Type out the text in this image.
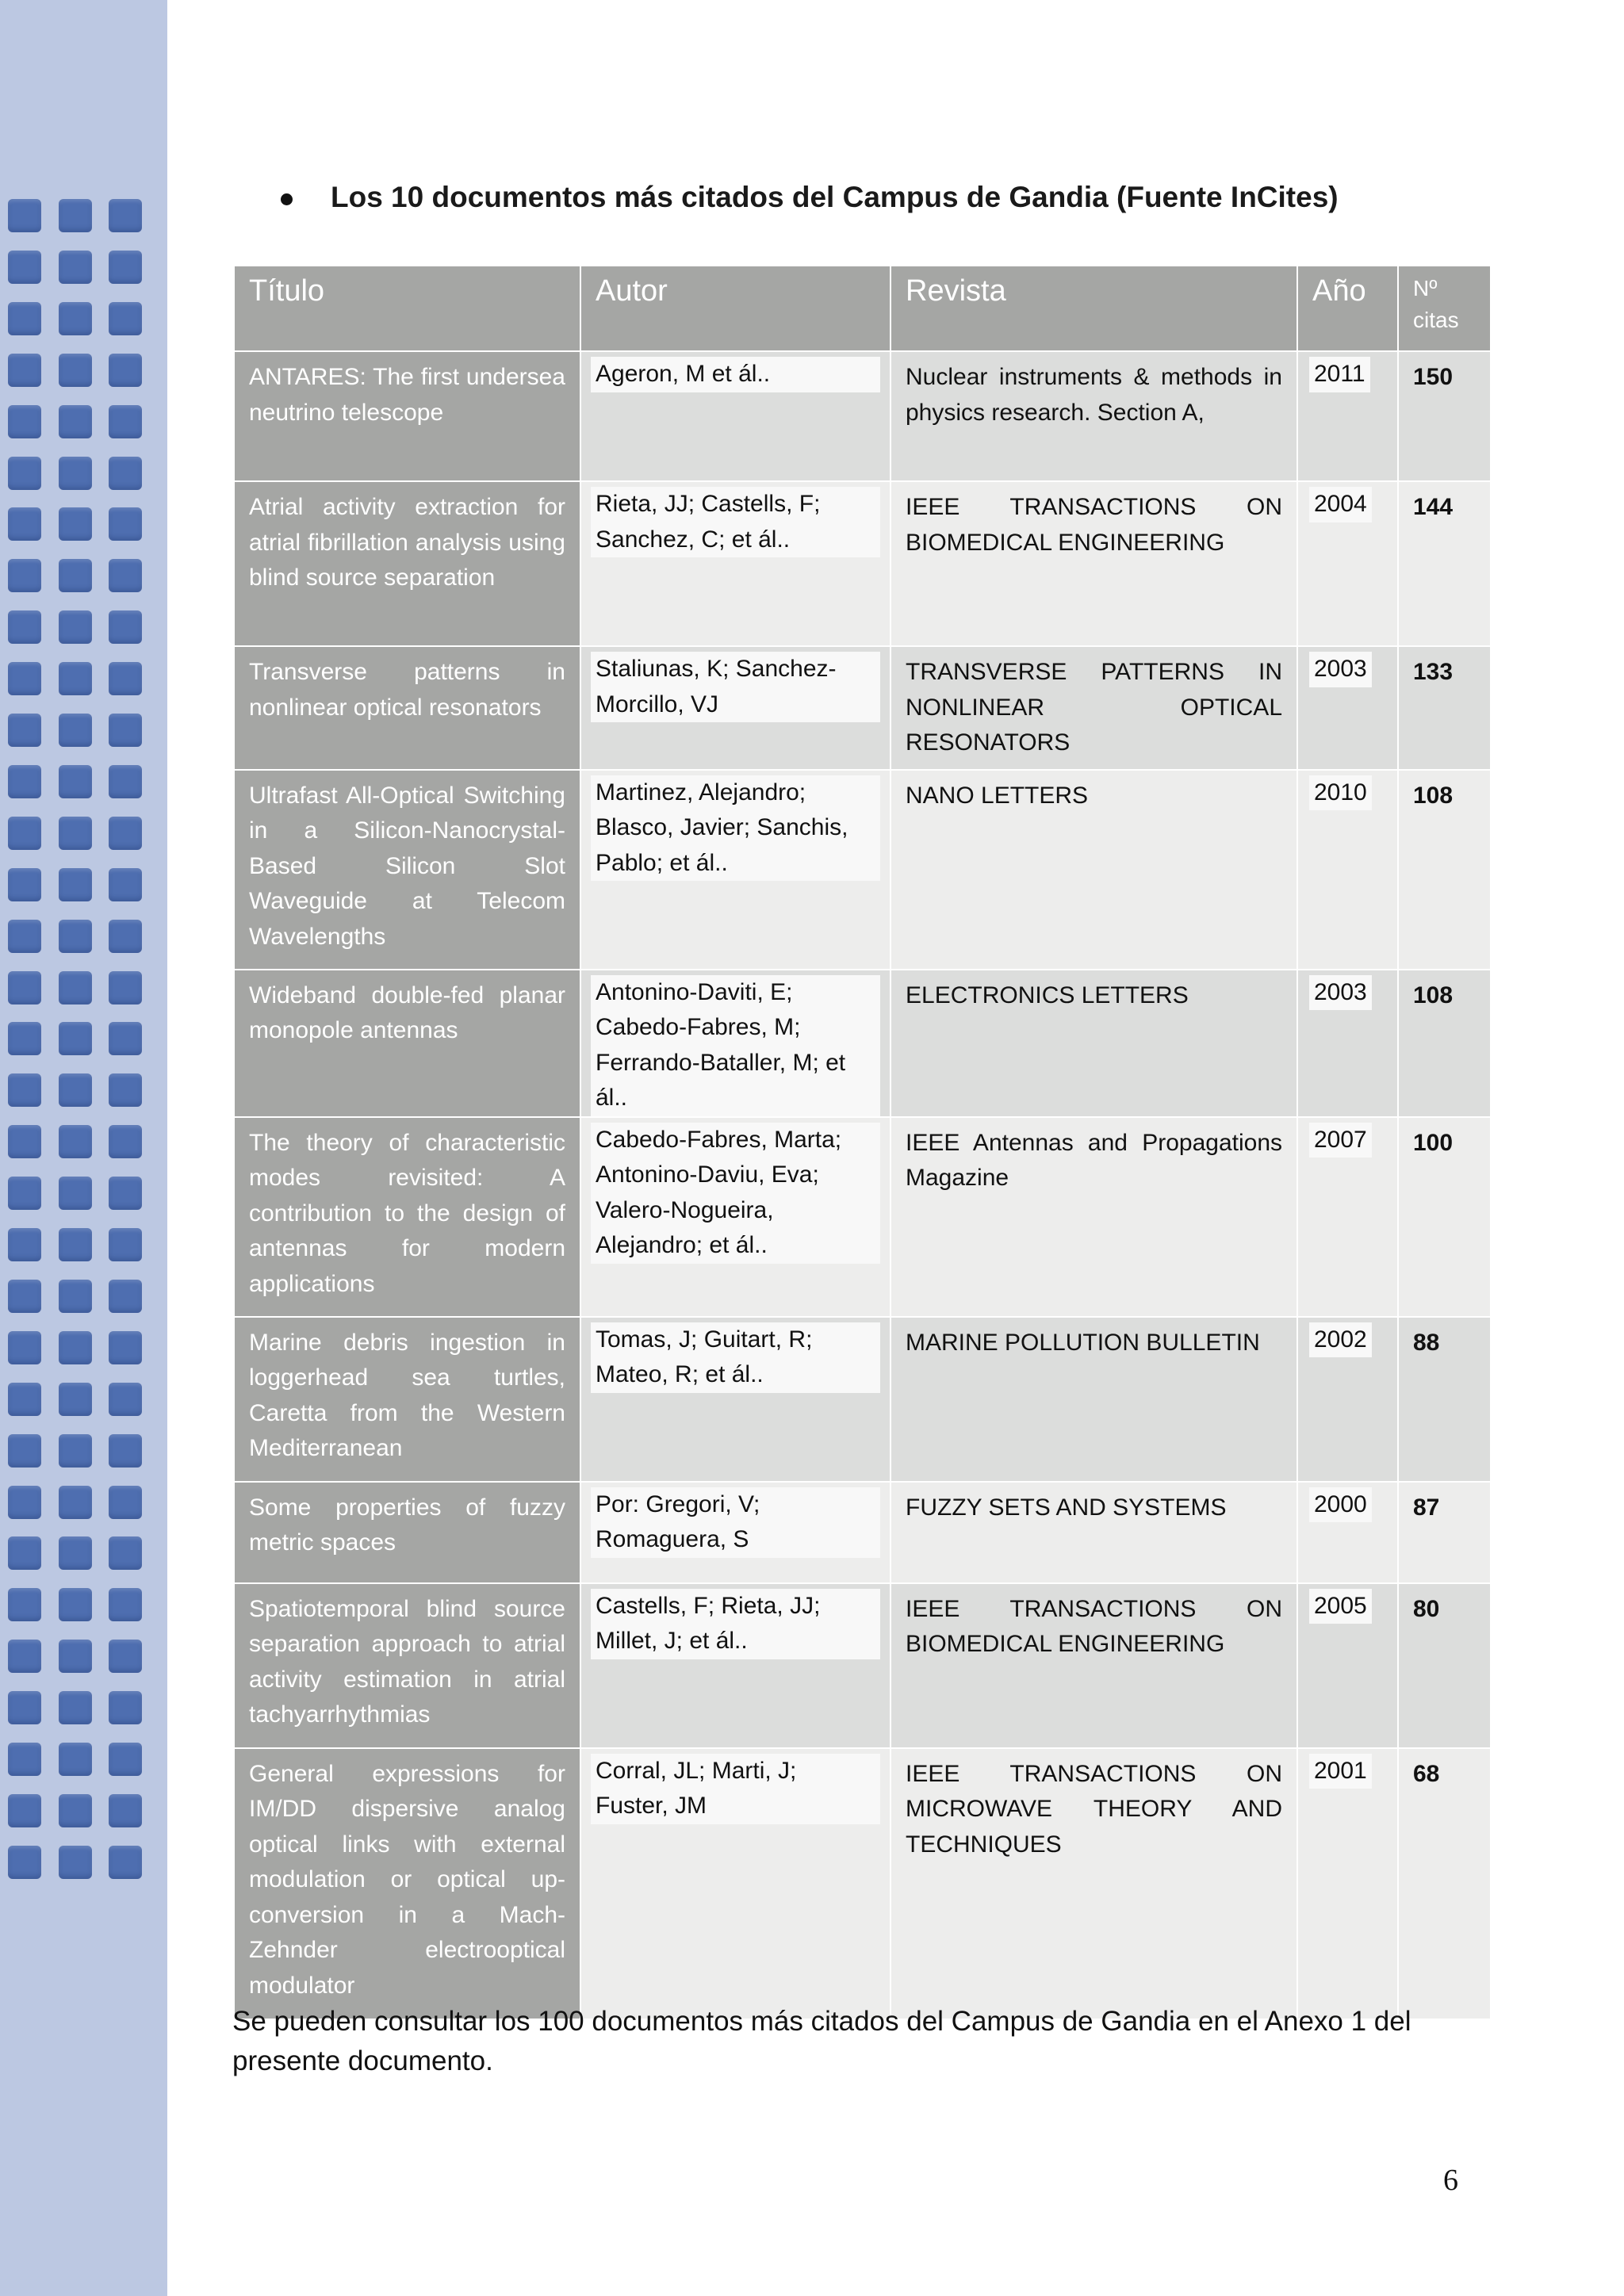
Los 10 documentos más citados del Campus de Gandia (Fuente InCites)
Título	Autor	Revista	Año	Nº citas
ANTARES: The first undersea neutrino telescope	Ageron, M et ál..	Nuclear instruments & methods in physics research. Section A,	2011	150
Atrial activity extraction for atrial fibrillation analysis using blind source separation	Rieta, JJ; Castells, F; Sanchez, C; et ál..	IEEE TRANSACTIONS ON BIOMEDICAL ENGINEERING	2004	144
Transverse patterns in nonlinear optical resonators	Staliunas, K; Sanchez-Morcillo, VJ	TRANSVERSE PATTERNS IN NONLINEAR OPTICAL RESONATORS	2003	133
Ultrafast All-Optical Switching in a Silicon-Nanocrystal-Based Silicon Slot Waveguide at Telecom Wavelengths	Martinez, Alejandro; Blasco, Javier; Sanchis, Pablo; et ál..	NANO LETTERS	2010	108
Wideband double-fed planar monopole antennas	Antonino-Daviti, E; Cabedo-Fabres, M; Ferrando-Bataller, M; et ál..	ELECTRONICS LETTERS	2003	108
The theory of characteristic modes revisited: A contribution to the design of antennas for modern applications	Cabedo-Fabres, Marta; Antonino-Daviu, Eva; Valero-Nogueira, Alejandro; et ál..	IEEE Antennas and Propagations Magazine	2007	100
Marine debris ingestion in loggerhead sea turtles, Caretta from the Western Mediterranean	Tomas, J; Guitart, R; Mateo, R; et ál..	MARINE POLLUTION BULLETIN	2002	88
Some properties of fuzzy metric spaces	Por: Gregori, V; Romaguera, S	FUZZY SETS AND SYSTEMS	2000	87
Spatiotemporal blind source separation approach to atrial activity estimation in atrial tachyarrhythmias	Castells, F; Rieta, JJ; Millet, J; et ál..	IEEE TRANSACTIONS ON BIOMEDICAL ENGINEERING	2005	80
General expressions for IM/DD dispersive analog optical links with external modulation or optical up-conversion in a Mach-Zehnder electrooptical modulator	Corral, JL; Marti, J; Fuster, JM	IEEE TRANSACTIONS ON MICROWAVE THEORY AND TECHNIQUES	2001	68
Se pueden consultar los 100 documentos más citados del Campus de Gandia en el Anexo 1 del presente documento.
6
